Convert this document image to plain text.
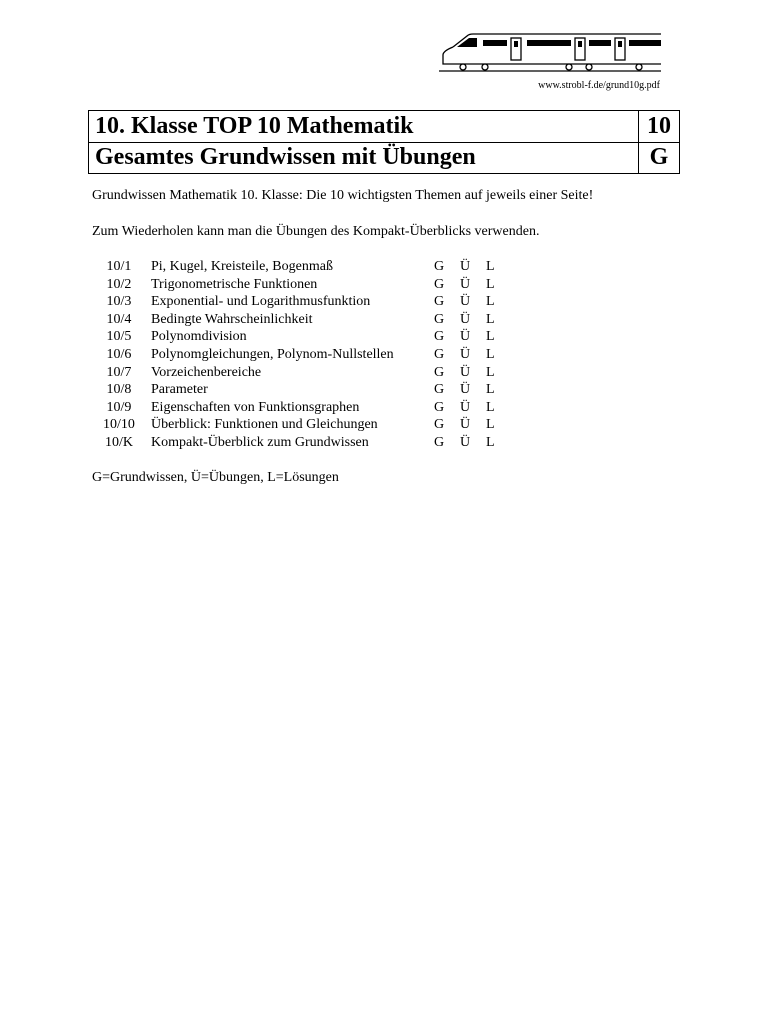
www.strobl-f.de/grund10g.pdf
10. Klasse TOP 10 Mathematik	10
Gesamtes Grundwissen mit Übungen	G
Grundwissen Mathematik 10. Klasse: Die 10 wichtigsten Themen auf jeweils einer Seite!
Zum Wiederholen kann man die Übungen des Kompakt-Überblicks verwenden.
10/1	Pi, Kugel, Kreisteile, Bogenmaß	G Ü L
10/2	Trigonometrische Funktionen	G Ü L
10/3	Exponential- und Logarithmusfunktion	G Ü L
10/4	Bedingte Wahrscheinlichkeit	G Ü L
10/5	Polynomdivision	G Ü L
10/6	Polynomgleichungen, Polynom-Nullstellen	G Ü L
10/7	Vorzeichenbereiche	G Ü L
10/8	Parameter	G Ü L
10/9	Eigenschaften von Funktionsgraphen	G Ü L
10/10	Überblick: Funktionen und Gleichungen	G Ü L
10/K	Kompakt-Überblick zum Grundwissen	G Ü L
G=Grundwissen, Ü=Übungen, L=Lösungen
